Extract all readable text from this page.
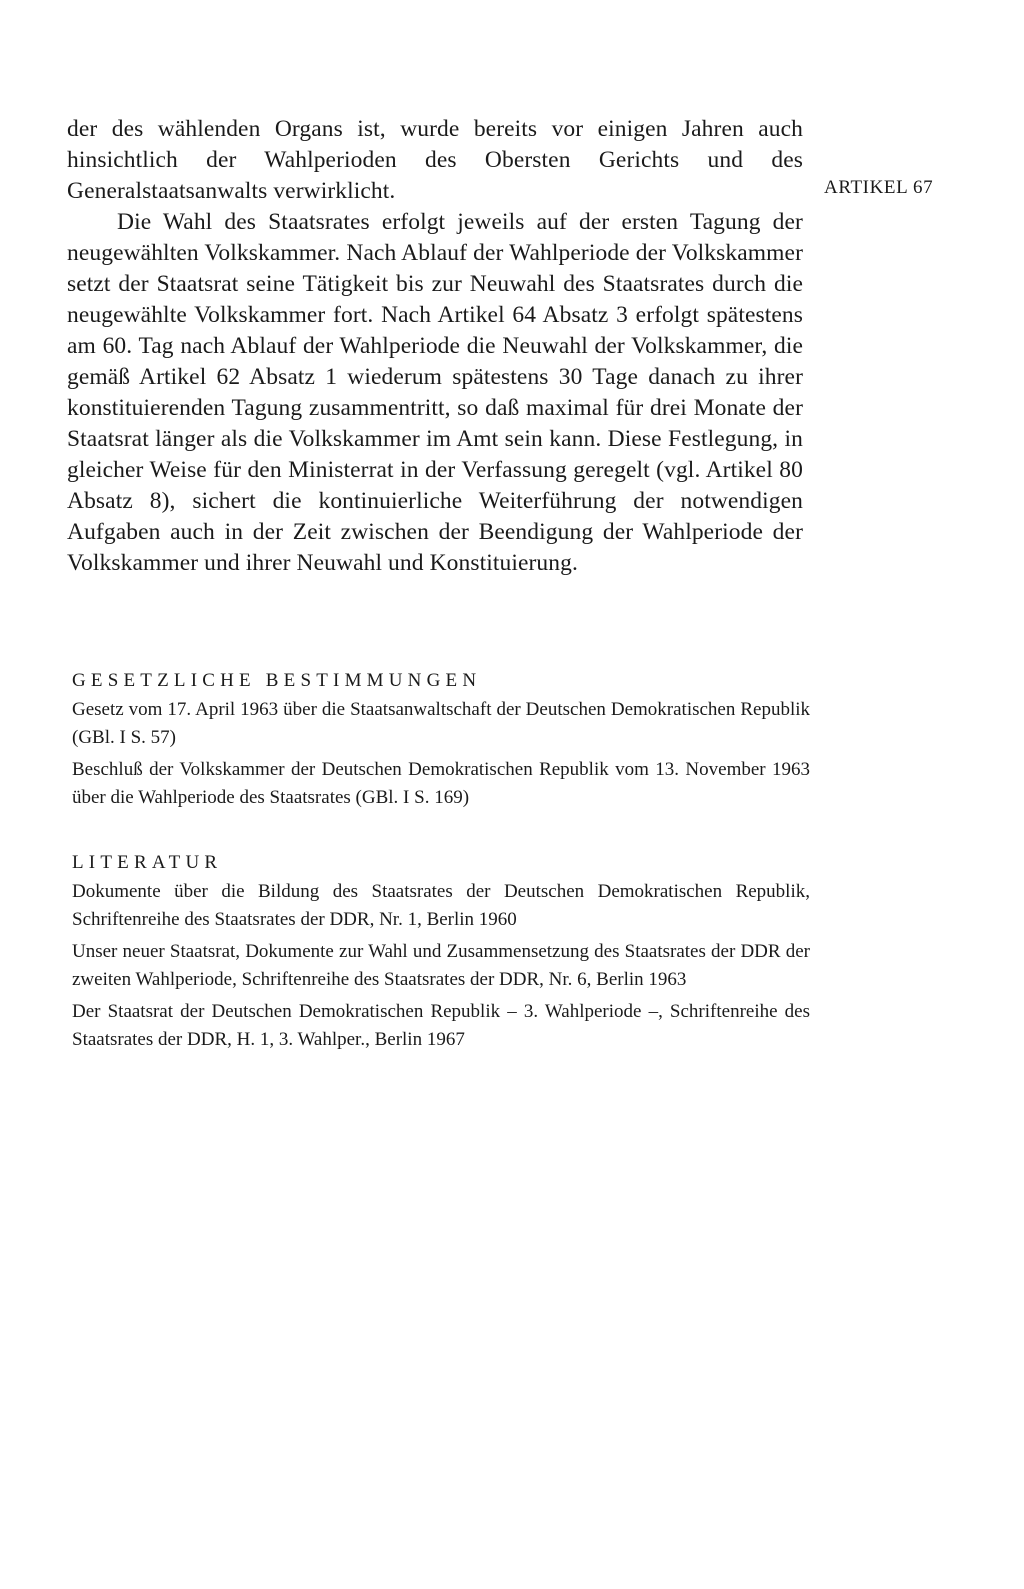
der des wählenden Organs ist, wurde bereits vor einigen Jahren auch hinsichtlich der Wahlperioden des Obersten Gerichts und des Generalstaatsanwalts verwirklicht.

Die Wahl des Staatsrates erfolgt jeweils auf der ersten Tagung der neugewählten Volkskammer. Nach Ablauf der Wahlperiode der Volkskammer setzt der Staatsrat seine Tätigkeit bis zur Neuwahl des Staatsrates durch die neugewählte Volkskammer fort. Nach Artikel 64 Absatz 3 erfolgt spätestens am 60. Tag nach Ablauf der Wahlperiode die Neuwahl der Volkskammer, die gemäß Artikel 62 Absatz 1 wiederum spätestens 30 Tage danach zu ihrer konstituierenden Tagung zusammentritt, so daß maximal für drei Monate der Staatsrat länger als die Volkskammer im Amt sein kann. Diese Festlegung, in gleicher Weise für den Ministerrat in der Verfassung geregelt (vgl. Artikel 80 Absatz 8), sichert die kontinuierliche Weiterführung der notwendigen Aufgaben auch in der Zeit zwischen der Beendigung der Wahlperiode der Volkskammer und ihrer Neuwahl und Konstituierung.

ARTIKEL 67
GESETZLICHE BESTIMMUNGEN

Gesetz vom 17. April 1963 über die Staatsanwaltschaft der Deutschen Demokratischen Republik (GBl. I S. 57)

Beschluß der Volkskammer der Deutschen Demokratischen Republik vom 13. November 1963 über die Wahlperiode des Staatsrates (GBl. I S. 169)

LITERATUR

Dokumente über die Bildung des Staatsrates der Deutschen Demokratischen Republik, Schriftenreihe des Staatsrates der DDR, Nr. 1, Berlin 1960

Unser neuer Staatsrat, Dokumente zur Wahl und Zusammensetzung des Staatsrates der DDR der zweiten Wahlperiode, Schriftenreihe des Staatsrates der DDR, Nr. 6, Berlin 1963

Der Staatsrat der Deutschen Demokratischen Republik – 3. Wahlperiode –, Schriftenreihe des Staatsrates der DDR, H. 1, 3. Wahlper., Berlin 1967
